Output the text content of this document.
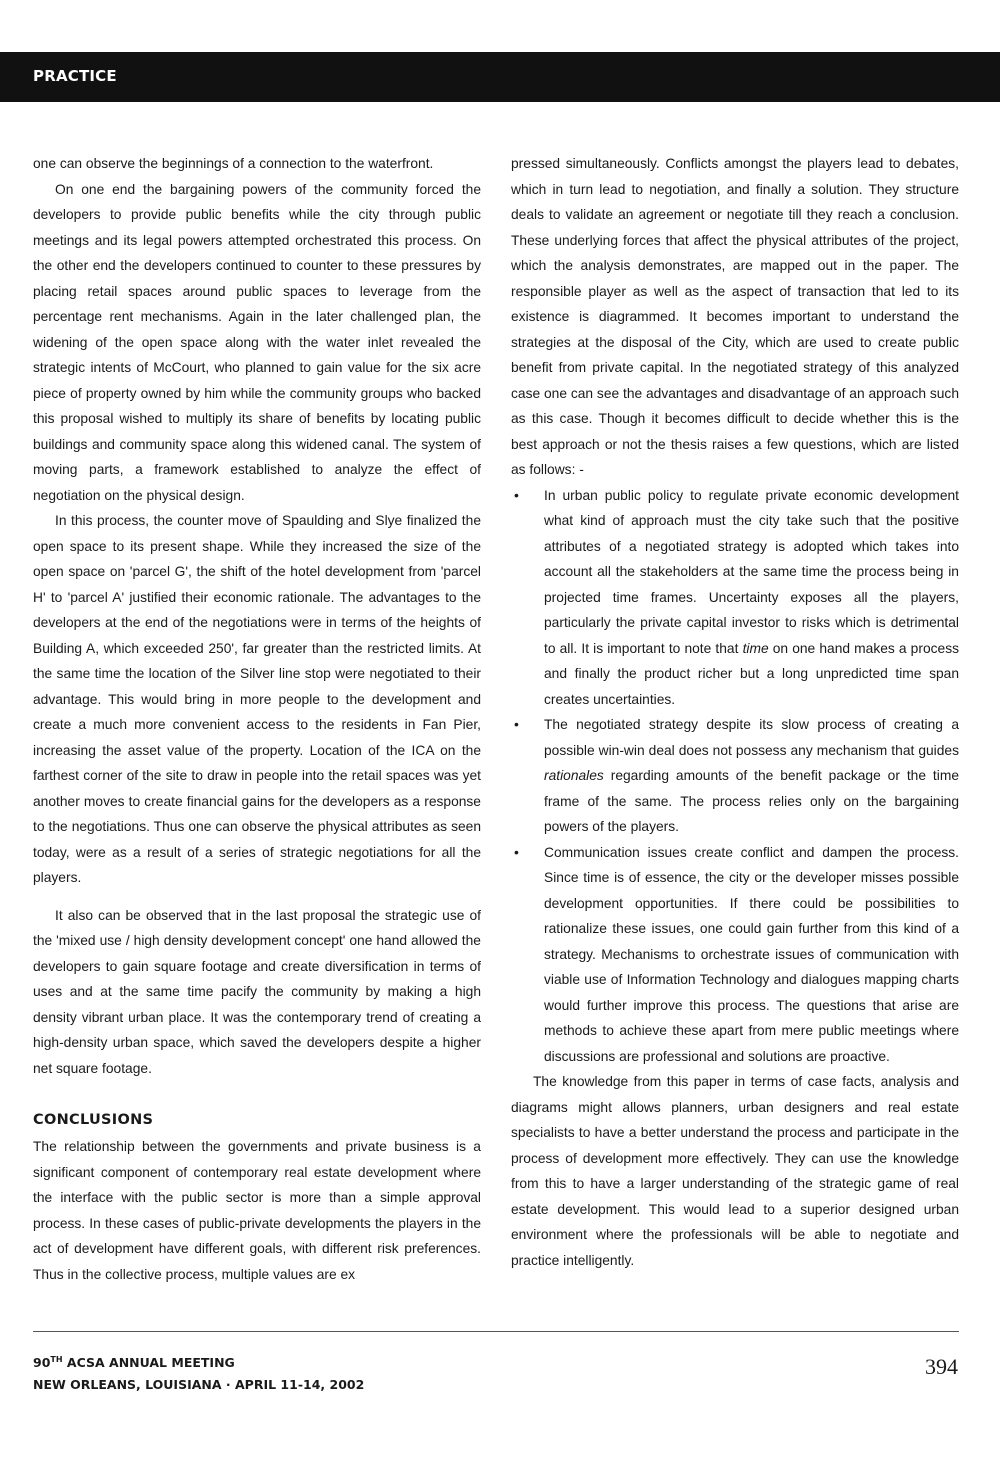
PRACTICE

one can observe the beginnings of a connection to the waterfront.

On one end the bargaining powers of the community forced the developers to provide public benefits while the city through public meetings and its legal powers attempted orchestrated this process. On the other end the developers continued to counter to these pressures by placing retail spaces around public spaces to leverage from the percentage rent mechanisms. Again in the later challenged plan, the widening of the open space along with the water inlet revealed the strategic intents of McCourt, who planned to gain value for the six acre piece of property owned by him while the community groups who backed this proposal wished to multiply its share of benefits by locating public buildings and community space along this widened canal. The system of moving parts, a framework established to analyze the effect of negotiation on the physical design.

In this process, the counter move of Spaulding and Slye finalized the open space to its present shape. While they increased the size of the open space on 'parcel G', the shift of the hotel development from 'parcel H' to 'parcel A' justified their economic rationale. The advantages to the developers at the end of the negotiations were in terms of the heights of Building A, which exceeded 250', far greater than the restricted limits. At the same time the location of the Silver line stop were negotiated to their advantage. This would bring in more people to the development and create a much more convenient access to the residents in Fan Pier, increasing the asset value of the property. Location of the ICA on the farthest corner of the site to draw in people into the retail spaces was yet another moves to create financial gains for the developers as a response to the negotiations. Thus one can observe the physical attributes as seen today, were as a result of a series of strategic negotiations for all the players.

It also can be observed that in the last proposal the strategic use of the 'mixed use / high density development concept' one hand allowed the developers to gain square footage and create diversification in terms of uses and at the same time pacify the community by making a high density vibrant urban place. It was the contemporary trend of creating a high-density urban space, which saved the developers despite a higher net square footage.

CONCLUSIONS

The relationship between the governments and private business is a significant component of contemporary real estate development where the interface with the public sector is more than a simple approval process. In these cases of public-private developments the players in the act of development have different goals, with different risk preferences. Thus in the collective process, multiple values are ex

pressed simultaneously. Conflicts amongst the players lead to debates, which in turn lead to negotiation, and finally a solution. They structure deals to validate an agreement or negotiate till they reach a conclusion. These underlying forces that affect the physical attributes of the project, which the analysis demonstrates, are mapped out in the paper. The responsible player as well as the aspect of transaction that led to its existence is diagrammed. It becomes important to understand the strategies at the disposal of the City, which are used to create public benefit from private capital. In the negotiated strategy of this analyzed case one can see the advantages and disadvantage of an approach such as this case. Though it becomes difficult to decide whether this is the best approach or not the thesis raises a few questions, which are listed as follows: -

• In urban public policy to regulate private economic development what kind of approach must the city take such that the positive attributes of a negotiated strategy is adopted which takes into account all the stakeholders at the same time the process being in projected time frames. Uncertainty exposes all the players, particularly the private capital investor to risks which is detrimental to all. It is important to note that time on one hand makes a process and finally the product richer but a long unpredicted time span creates uncertainties.
• The negotiated strategy despite its slow process of creating a possible win-win deal does not possess any mechanism that guides rationales regarding amounts of the benefit package or the time frame of the same. The process relies only on the bargaining powers of the players.
• Communication issues create conflict and dampen the process. Since time is of essence, the city or the developer misses possible development opportunities. If there could be possibilities to rationalize these issues, one could gain further from this kind of a strategy. Mechanisms to orchestrate issues of communication with viable use of Information Technology and dialogues mapping charts would further improve this process. The questions that arise are methods to achieve these apart from mere public meetings where discussions are professional and solutions are proactive.

The knowledge from this paper in terms of case facts, analysis and diagrams might allows planners, urban designers and real estate specialists to have a better understand the process and participate in the process of development more effectively. They can use the knowledge from this to have a larger understanding of the strategic game of real estate development. This would lead to a superior designed urban environment where the professionals will be able to negotiate and practice intelligently.

90TH ACSA ANNUAL MEETING
NEW ORLEANS, LOUISIANA · APRIL 11-14, 2002
394
